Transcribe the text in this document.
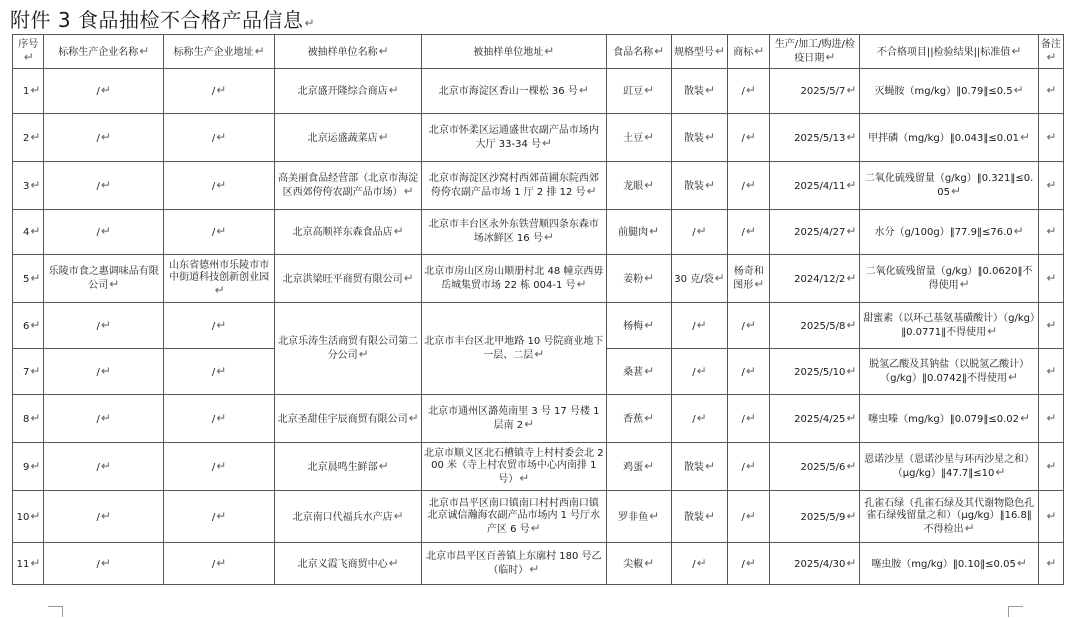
附件 3 食品抽检不合格产品信息↵
序号↵	标称生产企业名称↵	标称生产企业地址↵	被抽样单位名称↵	被抽样单位地址↵	食品名称↵	规格型号↵	商标↵	生产/加工/购进/检疫日期↵	不合格项目||检验结果||标准值↵	备注↵
1↵	/↵	/↵	北京盛开隆综合商店↵	北京市海淀区香山一棵松 36 号↵	豇豆↵	散装↵	/↵	2025/5/7↵	灭蝇胺（mg/kg）‖0.79‖≤0.5↵	↵
2↵	/↵	/↵	北京运盛蔬菜店↵	北京市怀柔区运通盛世农副产品市场内大厅 33-34 号↵	土豆↵	散装↵	/↵	2025/5/13↵	甲拌磷（mg/kg）‖0.043‖≤0.01↵	↵
3↵	/↵	/↵	高美丽食品经营部（北京市海淀区西郊侉侉农副产品市场）↵	北京市海淀区沙窝村西郊苗圃东院西郊侉侉农副产品市场 1 厅 2 排 12 号↵	龙眼↵	散装↵	/↵	2025/4/11↵	二氧化硫残留量（g/kg）‖0.321‖≤0.05↵	↵
4↵	/↵	/↵	北京高顺祥东森食品店↵	北京市丰台区永外东铁营顺四条东森市场冰鲜区 16 号↵	前腿肉↵	/↵	/↵	2025/4/27↵	水分（g/100g）‖77.9‖≤76.0↵	↵
5↵	乐陵市食之惠调味品有限公司↵	山东省德州市乐陵市市中街道科技创新创业园↵	北京洪梁旺平商贸有限公司↵	北京市房山区房山顺册村北 48 幢京西毋岳城集贸市场 22 栋 004-1 号↵	姜粉↵	30 克/袋↵	杨奇和图形↵	2024/12/2↵	二氧化硫残留量（g/kg）‖0.0620‖不得使用↵	↵
6↵	/↵	/↵	北京乐涛生活商贸有限公司第二分公司↵	北京市丰台区北甲地路 10 号院商业地下一层、二层↵	杨梅↵	/↵	/↵	2025/5/8↵	甜蜜素（以环己基氨基磺酸计）（g/kg）‖0.0771‖不得使用↵	↵
7↵	/↵	/↵			桑葚↵	/↵	/↵	2025/5/10↵	脱氢乙酸及其钠盐（以脱氢乙酸计）（g/kg）‖0.0742‖不得使用↵	↵
8↵	/↵	/↵	北京圣甜佳宇辰商贸有限公司↵	北京市通州区潞苑南里 3 号 17 号楼 1 层南 2↵	香蕉↵	/↵	/↵	2025/4/25↵	噻虫嗪（mg/kg）‖0.079‖≤0.02↵	↵
9↵	/↵	/↵	北京晨鸣生鲜部↵	北京市顺义区北石槽镇寺上村村委会北 200 米（寺上村农贸市场中心内南排 1 号）↵	鸡蛋↵	散装↵	/↵	2025/5/6↵	恩诺沙星（恩诺沙星与环丙沙星之和）（μg/kg）‖47.7‖≤10↵	↵
10↵	/↵	/↵	北京南口代福兵水产店↵	北京市昌平区南口镇南口村村西南口镇北京诚信瀚海农副产品市场内 1 号厅水产区 6 号↵	罗非鱼↵	散装↵	/↵	2025/5/9↵	孔雀石绿（孔雀石绿及其代谢物隐色孔雀石绿残留量之和）（μg/kg）‖16.8‖不得检出↵	↵
11↵	/↵	/↵	北京义霞飞商贸中心↵	北京市昌平区百善镇上东廓村 180 号乙（临时）↵	尖椒↵	/↵	/↵	2025/4/30↵	噻虫胺（mg/kg）‖0.10‖≤0.05↵	↵
